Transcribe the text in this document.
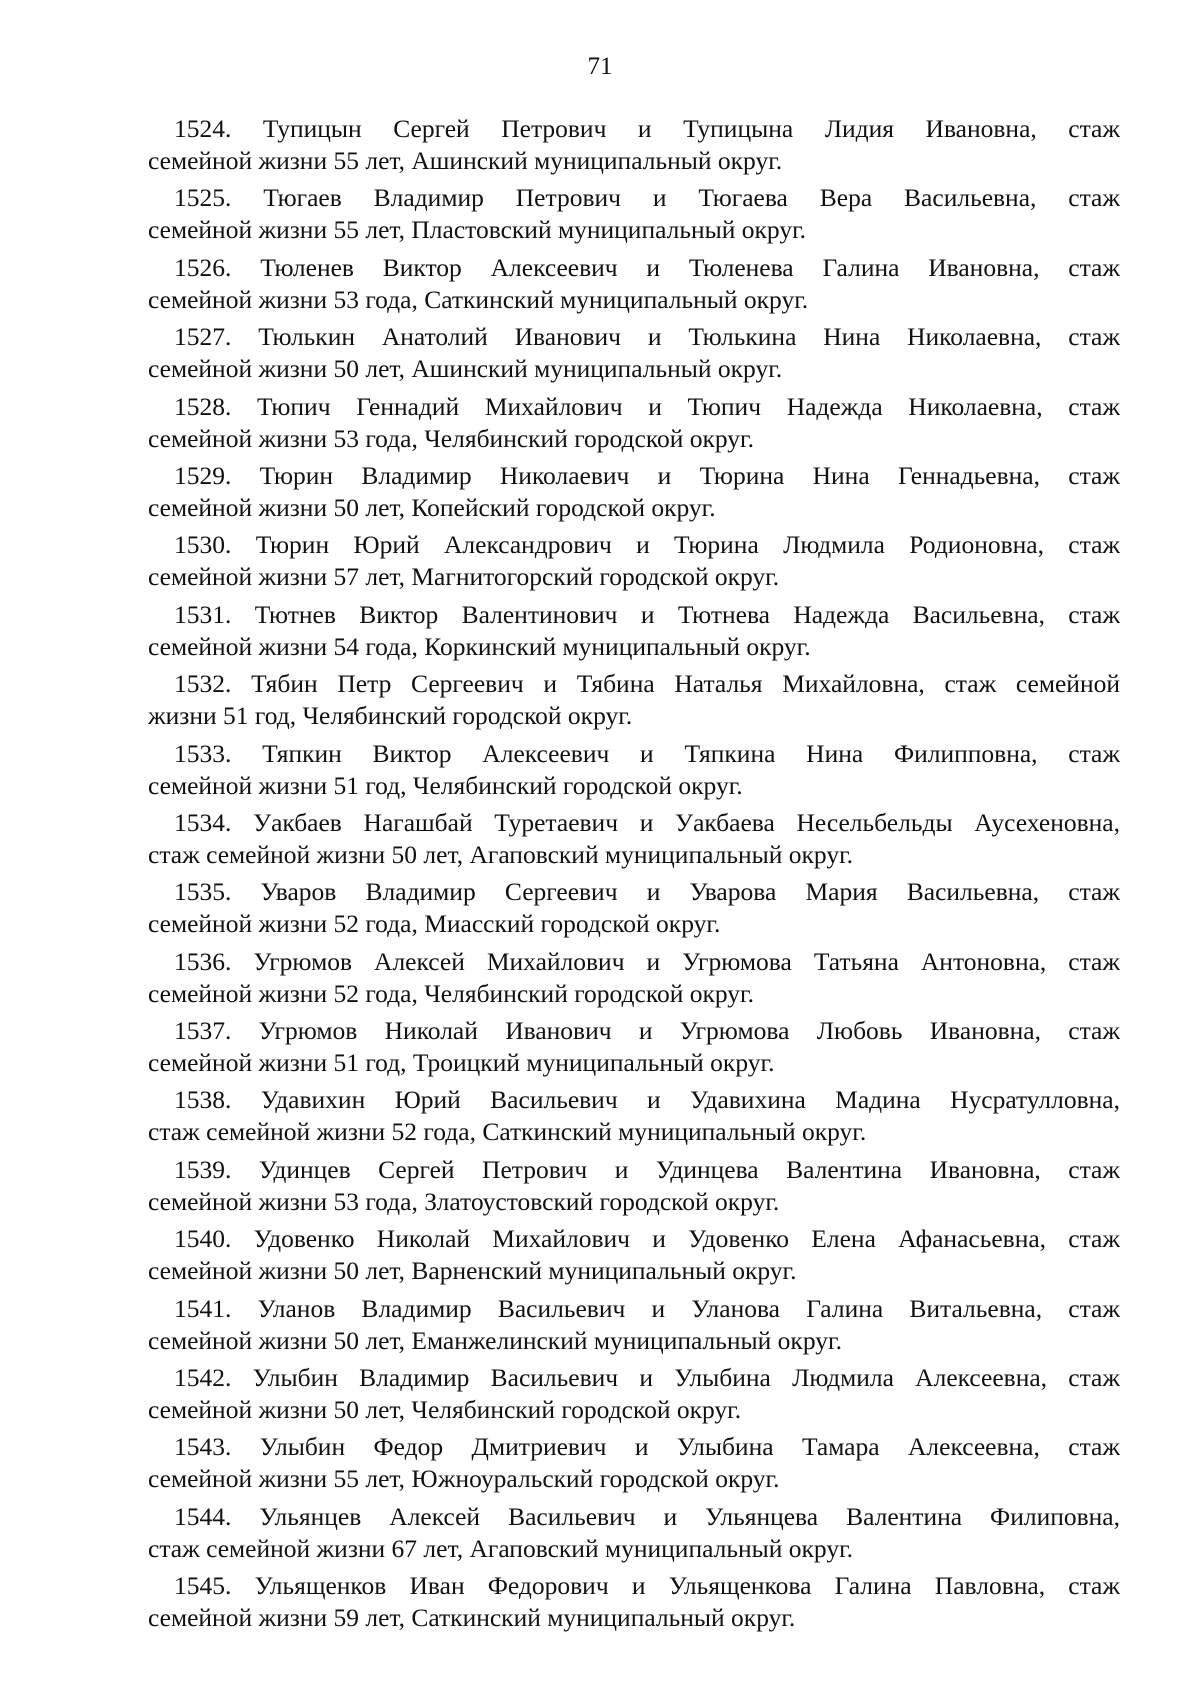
71
1524. Тупицын Сергей Петрович и Тупицына Лидия Ивановна, стаж
семейной жизни 55 лет, Ашинский муниципальный округ.
1525. Тюгаев Владимир Петрович и Тюгаева Вера Васильевна, стаж
семейной жизни 55 лет, Пластовский муниципальный округ.
1526. Тюленев Виктор Алексеевич и Тюленева Галина Ивановна, стаж
семейной жизни 53 года, Саткинский муниципальный округ.
1527. Тюлькин Анатолий Иванович и Тюлькина Нина Николаевна, стаж
семейной жизни 50 лет, Ашинский муниципальный округ.
1528. Тюпич Геннадий Михайлович и Тюпич Надежда Николаевна, стаж
семейной жизни 53 года, Челябинский городской округ.
1529. Тюрин Владимир Николаевич и Тюрина Нина Геннадьевна, стаж
семейной жизни 50 лет, Копейский городской округ.
1530. Тюрин Юрий Александрович и Тюрина Людмила Родионовна, стаж
семейной жизни 57 лет, Магнитогорский городской округ.
1531. Тютнев Виктор Валентинович и Тютнева Надежда Васильевна, стаж
семейной жизни 54 года, Коркинский муниципальный округ.
1532. Тябин Петр Сергеевич и Тябина Наталья Михайловна, стаж семейной
жизни 51 год, Челябинский городской округ.
1533. Тяпкин Виктор Алексеевич и Тяпкина Нина Филипповна, стаж
семейной жизни 51 год, Челябинский городской округ.
1534. Уакбаев Нагашбай Туретаевич и Уакбаева Несельбельды Аусехеновна,
стаж семейной жизни 50 лет, Агаповский муниципальный округ.
1535. Уваров Владимир Сергеевич и Уварова Мария Васильевна, стаж
семейной жизни 52 года, Миасский городской округ.
1536. Угрюмов Алексей Михайлович и Угрюмова Татьяна Антоновна, стаж
семейной жизни 52 года, Челябинский городской округ.
1537. Угрюмов Николай Иванович и Угрюмова Любовь Ивановна, стаж
семейной жизни 51 год, Троицкий муниципальный округ.
1538. Удавихин Юрий Васильевич и Удавихина Мадина Нусратулловна,
стаж семейной жизни 52 года, Саткинский муниципальный округ.
1539. Удинцев Сергей Петрович и Удинцева Валентина Ивановна, стаж
семейной жизни 53 года, Златоустовский городской округ.
1540. Удовенко Николай Михайлович и Удовенко Елена Афанасьевна, стаж
семейной жизни 50 лет, Варненский муниципальный округ.
1541. Уланов Владимир Васильевич и Уланова Галина Витальевна, стаж
семейной жизни 50 лет, Еманжелинский муниципальный округ.
1542. Улыбин Владимир Васильевич и Улыбина Людмила Алексеевна, стаж
семейной жизни 50 лет, Челябинский городской округ.
1543. Улыбин Федор Дмитриевич и Улыбина Тамара Алексеевна, стаж
семейной жизни 55 лет, Южноуральский городской округ.
1544. Ульянцев Алексей Васильевич и Ульянцева Валентина Филиповна,
стаж семейной жизни 67 лет, Агаповский муниципальный округ.
1545. Ульященков Иван Федорович и Ульященкова Галина Павловна, стаж
семейной жизни 59 лет, Саткинский муниципальный округ.
